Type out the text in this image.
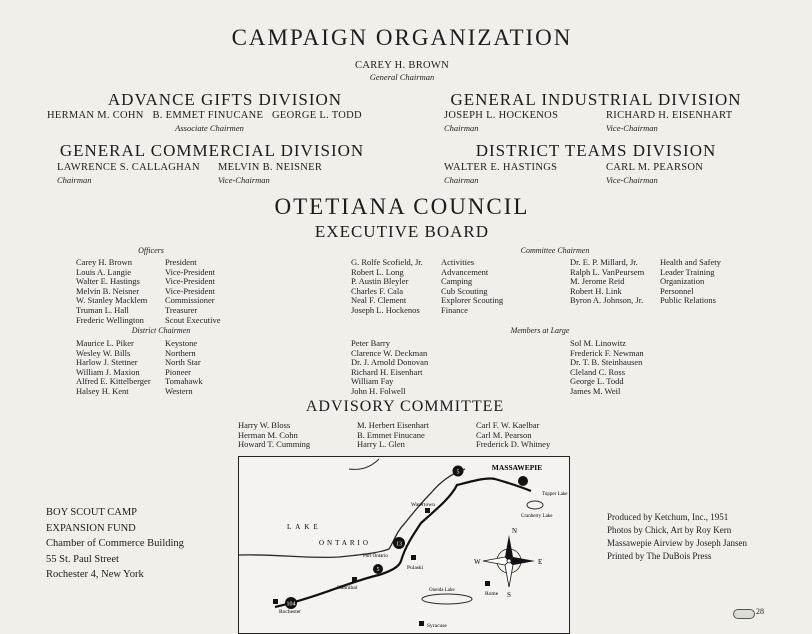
CAMPAIGN ORGANIZATION
CAREY H. BROWN
General Chairman
ADVANCE GIFTS DIVISION
HERMAN M. COHN B. EMMET FINUCANE GEORGE L. TODD
Associate Chairmen
GENERAL INDUSTRIAL DIVISION
JOSEPH L. HOCKENOS
Chairman
RICHARD H. EISENHART
Vice-Chairman
GENERAL COMMERCIAL DIVISION
LAWRENCE S. CALLAGHAN
Chairman
MELVIN B. NEISNER
Vice-Chairman
DISTRICT TEAMS DIVISION
WALTER E. HASTINGS
Chairman
CARL M. PEARSON
Vice-Chairman
OTETIANA COUNCIL
EXECUTIVE BOARD
Officers
Carey H. Brown	President
Louis A. Langie	Vice-President
Walter E. Hastings	Vice-President
Melvin B. Neisner	Vice-President
W. Stanley Macklem	Commissioner
Truman L. Hall	Treasurer
Frederic Wellington	Scout Executive
Committee Chairmen
G. Rolfe Scofield, Jr.	Activities
Robert L. Long	Advancement
P. Austin Bleyler	Camping
Charles F. Cala	Cub Scouting
Neal F. Clement	Explorer Scouting
Joseph L. Hockenos	Finance
Dr. E. P. Millard, Jr.	Health and Safety
Ralph L. VanPeursem	Leader Training
M. Jerome Reid	Organization
Robert H. Link	Personnel
Byron A. Johnson, Jr.	Public Relations
District Chairmen
Maurice L. Piker	Keystone
Wesley W. Bills	Northern
Harlow J. Stettner	North Star
William J. Maxion	Pioneer
Alfred E. Kittelberger	Tomahawk
Halsey H. Kent	Western
Members at Large
Peter Barry
Clarence W. Deckman
Dr. J. Arnold Donovan
Richard H. Eisenhart
William Fay
John H. Folwell
Sol M. Linowitz
Frederick F. Newman
Dr. T. B. Steinhausen
Cleland C. Ross
George L. Todd
James M. Weil
ADVISORY COMMITTEE
Harry W. Bloss
Herman M. Cohn
Howard T. Cumming
M. Herbert Eisenhart
B. Emmet Finucane
Harry L. Glen
Carl F. W. Kaelbar
Carl M. Pearson
Frederick D. Whitney
BOY SCOUT CAMP
EXPANSION FUND
Chamber of Commerce Building
55 St. Paul Street
Rochester 4, New York
Produced by Ketchum, Inc., 1951
Photos by Chick, Art by Roy Kern
Massawepie Airview by Joseph Jansen
Printed by The DuBois Press
28
104
5
13
5
MASSAWEPIE
Tupper Lake
Cranberry Lake
Watertown
Pulaski
Port Ontario
Rochester
Hannibal	Oneida Lake
Rome
Syracuse
LAKE
ONTARIO
N
S
E
W
